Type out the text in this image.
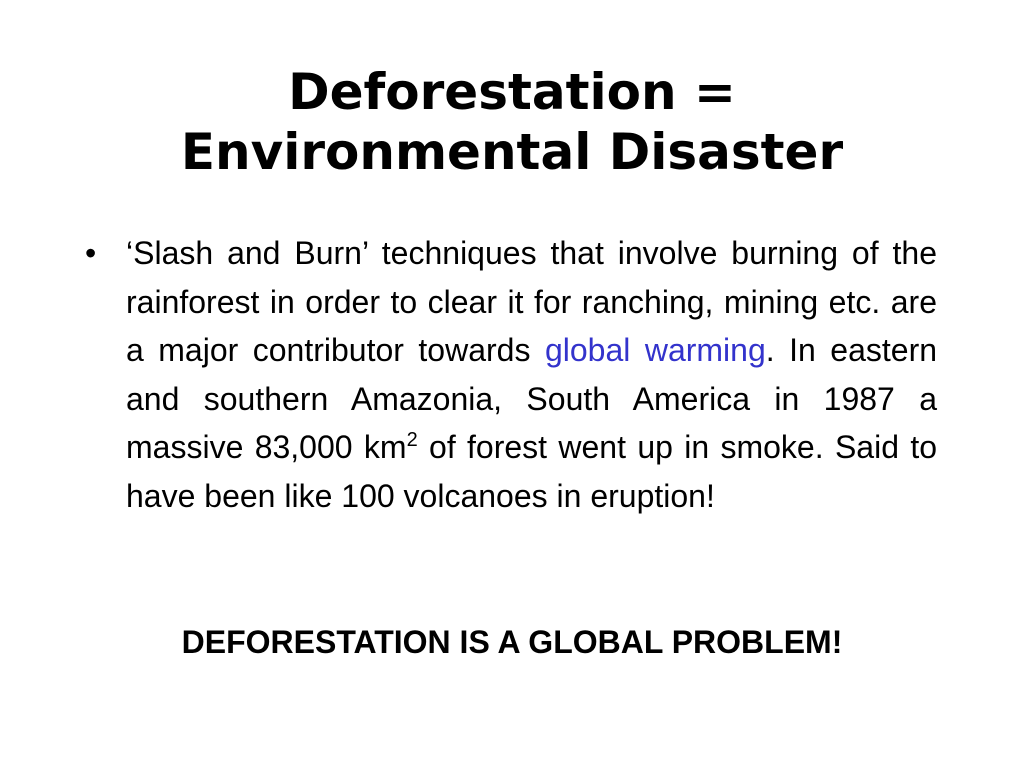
Deforestation =
Environmental Disaster
• ‘Slash and Burn’ techniques that involve burning of the rainforest in order to clear it for ranching, mining etc. are a major contributor towards global warming. In eastern and southern Amazonia, South America in 1987 a massive 83,000 $km^2$ of forest went up in smoke. Said to have been like 100 volcanoes in eruption!

DEFORESTATION IS A GLOBAL PROBLEM!
